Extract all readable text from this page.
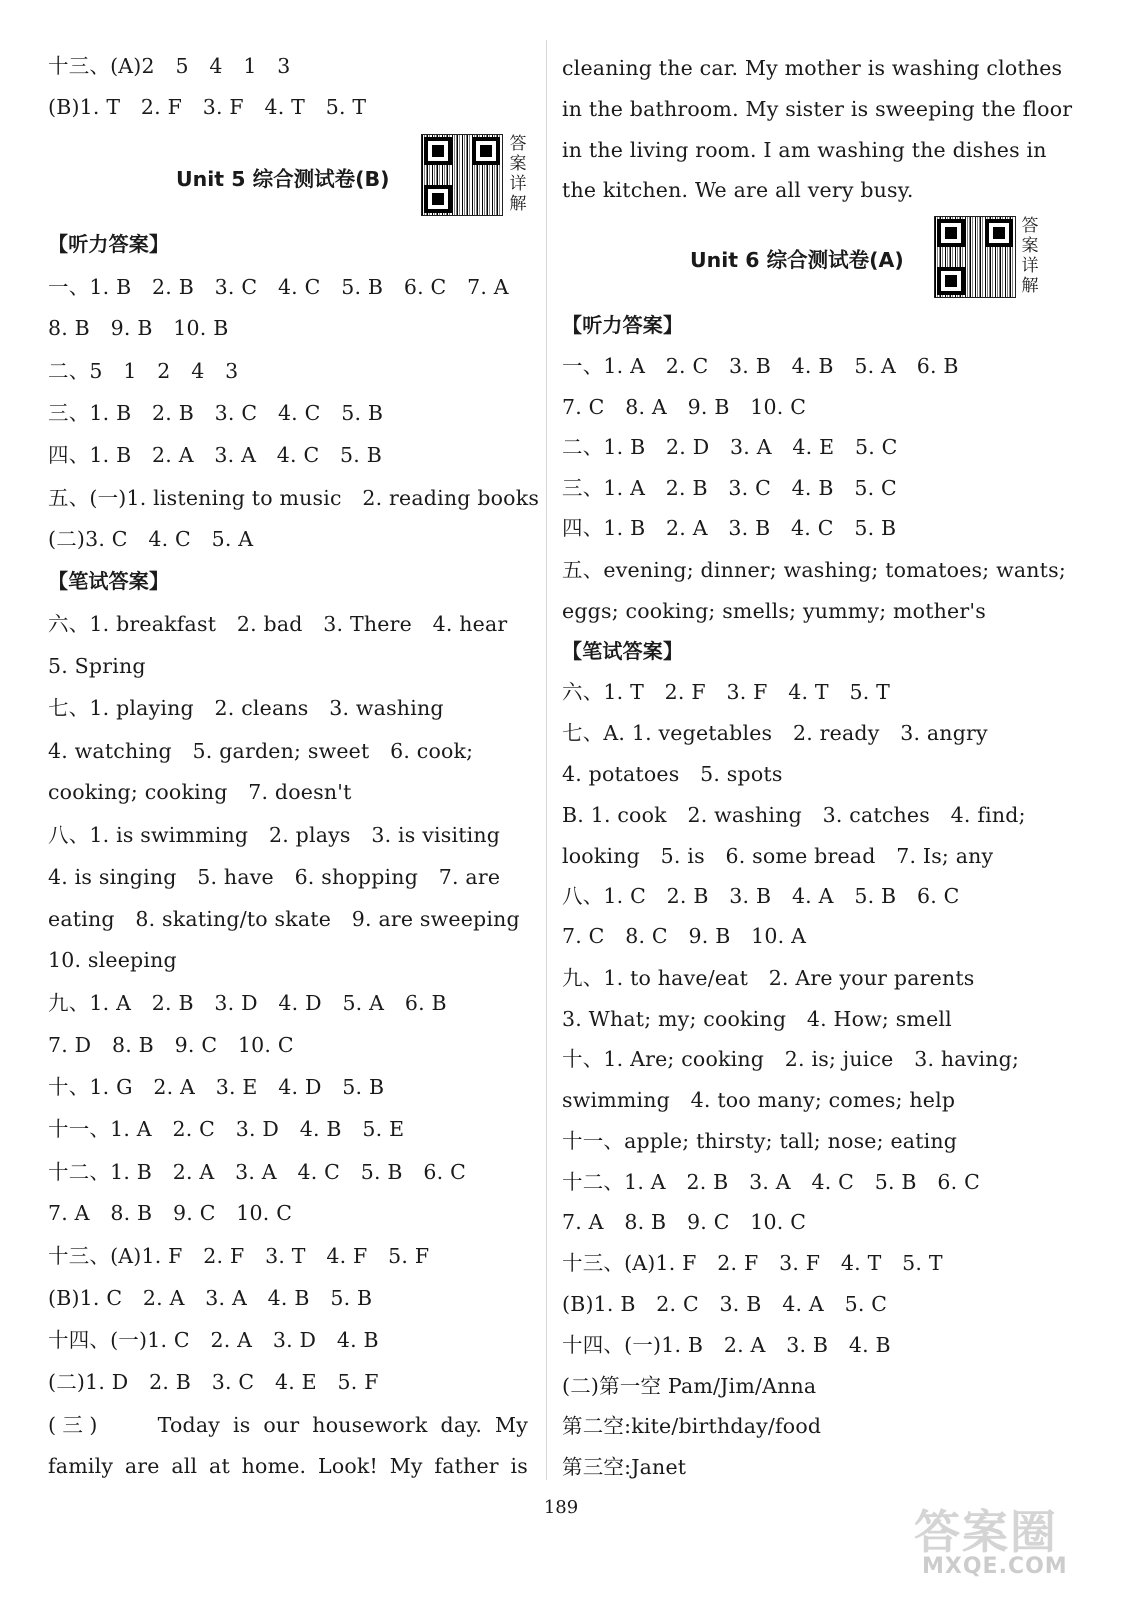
十三、(A)2　5　4　1　3
(B)1. T　2. F　3. F　4. T　5. T
Unit 5 综合测试卷(B)
答案详解
【听力答案】
一、1. B　2. B　3. C　4. C　5. B　6. C　7. A
8. B　9. B　10. B
二、5　1　2　4　3
三、1. B　2. B　3. C　4. C　5. B
四、1. B　2. A　3. A　4. C　5. B
五、(一)1. listening to music　2. reading books
(二)3. C　4. C　5. A
【笔试答案】
六、1. breakfast　2. bad　3. There　4. hear
5. Spring
七、1. playing　2. cleans　3. washing
4. watching　5. garden; sweet　6. cook;
cooking; cooking　7. doesn't
八、1. is swimming　2. plays　3. is visiting
4. is singing　5. have　6. shopping　7. are
eating　8. skating/to skate　9. are sweeping
10. sleeping
九、1. A　2. B　3. D　4. D　5. A　6. B
7. D　8. B　9. C　10. C
十、1. G　2. A　3. E　4. D　5. B
十一、1. A　2. C　3. D　4. B　5. E
十二、1. B　2. A　3. A　4. C　5. B　6. C
7. A　8. B　9. C　10. C
十三、(A)1. F　2. F　3. T　4. F　5. F
(B)1. C　2. A　3. A　4. B　5. B
十四、(一)1. C　2. A　3. D　4. B
(二)1. D　2. B　3. C　4. E　5. F
(三)　　Today is our housework day. My
family are all at home. Look! My father is
cleaning the car. My mother is washing clothes
in the bathroom. My sister is sweeping the floor
in the living room. I am washing the dishes in
the kitchen. We are all very busy.
Unit 6 综合测试卷(A)
答案详解
【听力答案】
一、1. A　2. C　3. B　4. B　5. A　6. B
7. C　8. A　9. B　10. C
二、1. B　2. D　3. A　4. E　5. C
三、1. A　2. B　3. C　4. B　5. C
四、1. B　2. A　3. B　4. C　5. B
五、evening; dinner; washing; tomatoes; wants;
eggs; cooking; smells; yummy; mother's
【笔试答案】
六、1. T　2. F　3. F　4. T　5. T
七、A. 1. vegetables　2. ready　3. angry
4. potatoes　5. spots
B. 1. cook　2. washing　3. catches　4. find;
looking　5. is　6. some bread　7. Is; any
八、1. C　2. B　3. B　4. A　5. B　6. C
7. C　8. C　9. B　10. A
九、1. to have/eat　2. Are your parents
3. What; my; cooking　4. How; smell
十、1. Are; cooking　2. is; juice　3. having;
swimming　4. too many; comes; help
十一、apple; thirsty; tall; nose; eating
十二、1. A　2. B　3. A　4. C　5. B　6. C
7. A　8. B　9. C　10. C
十三、(A)1. F　2. F　3. F　4. T　5. T
(B)1. B　2. C　3. B　4. A　5. C
十四、(一)1. B　2. A　3. B　4. B
(二)第一空 Pam/Jim/Anna
第二空:kite/birthday/food
第三空:Janet
189	答案圈
MXQE.COM
